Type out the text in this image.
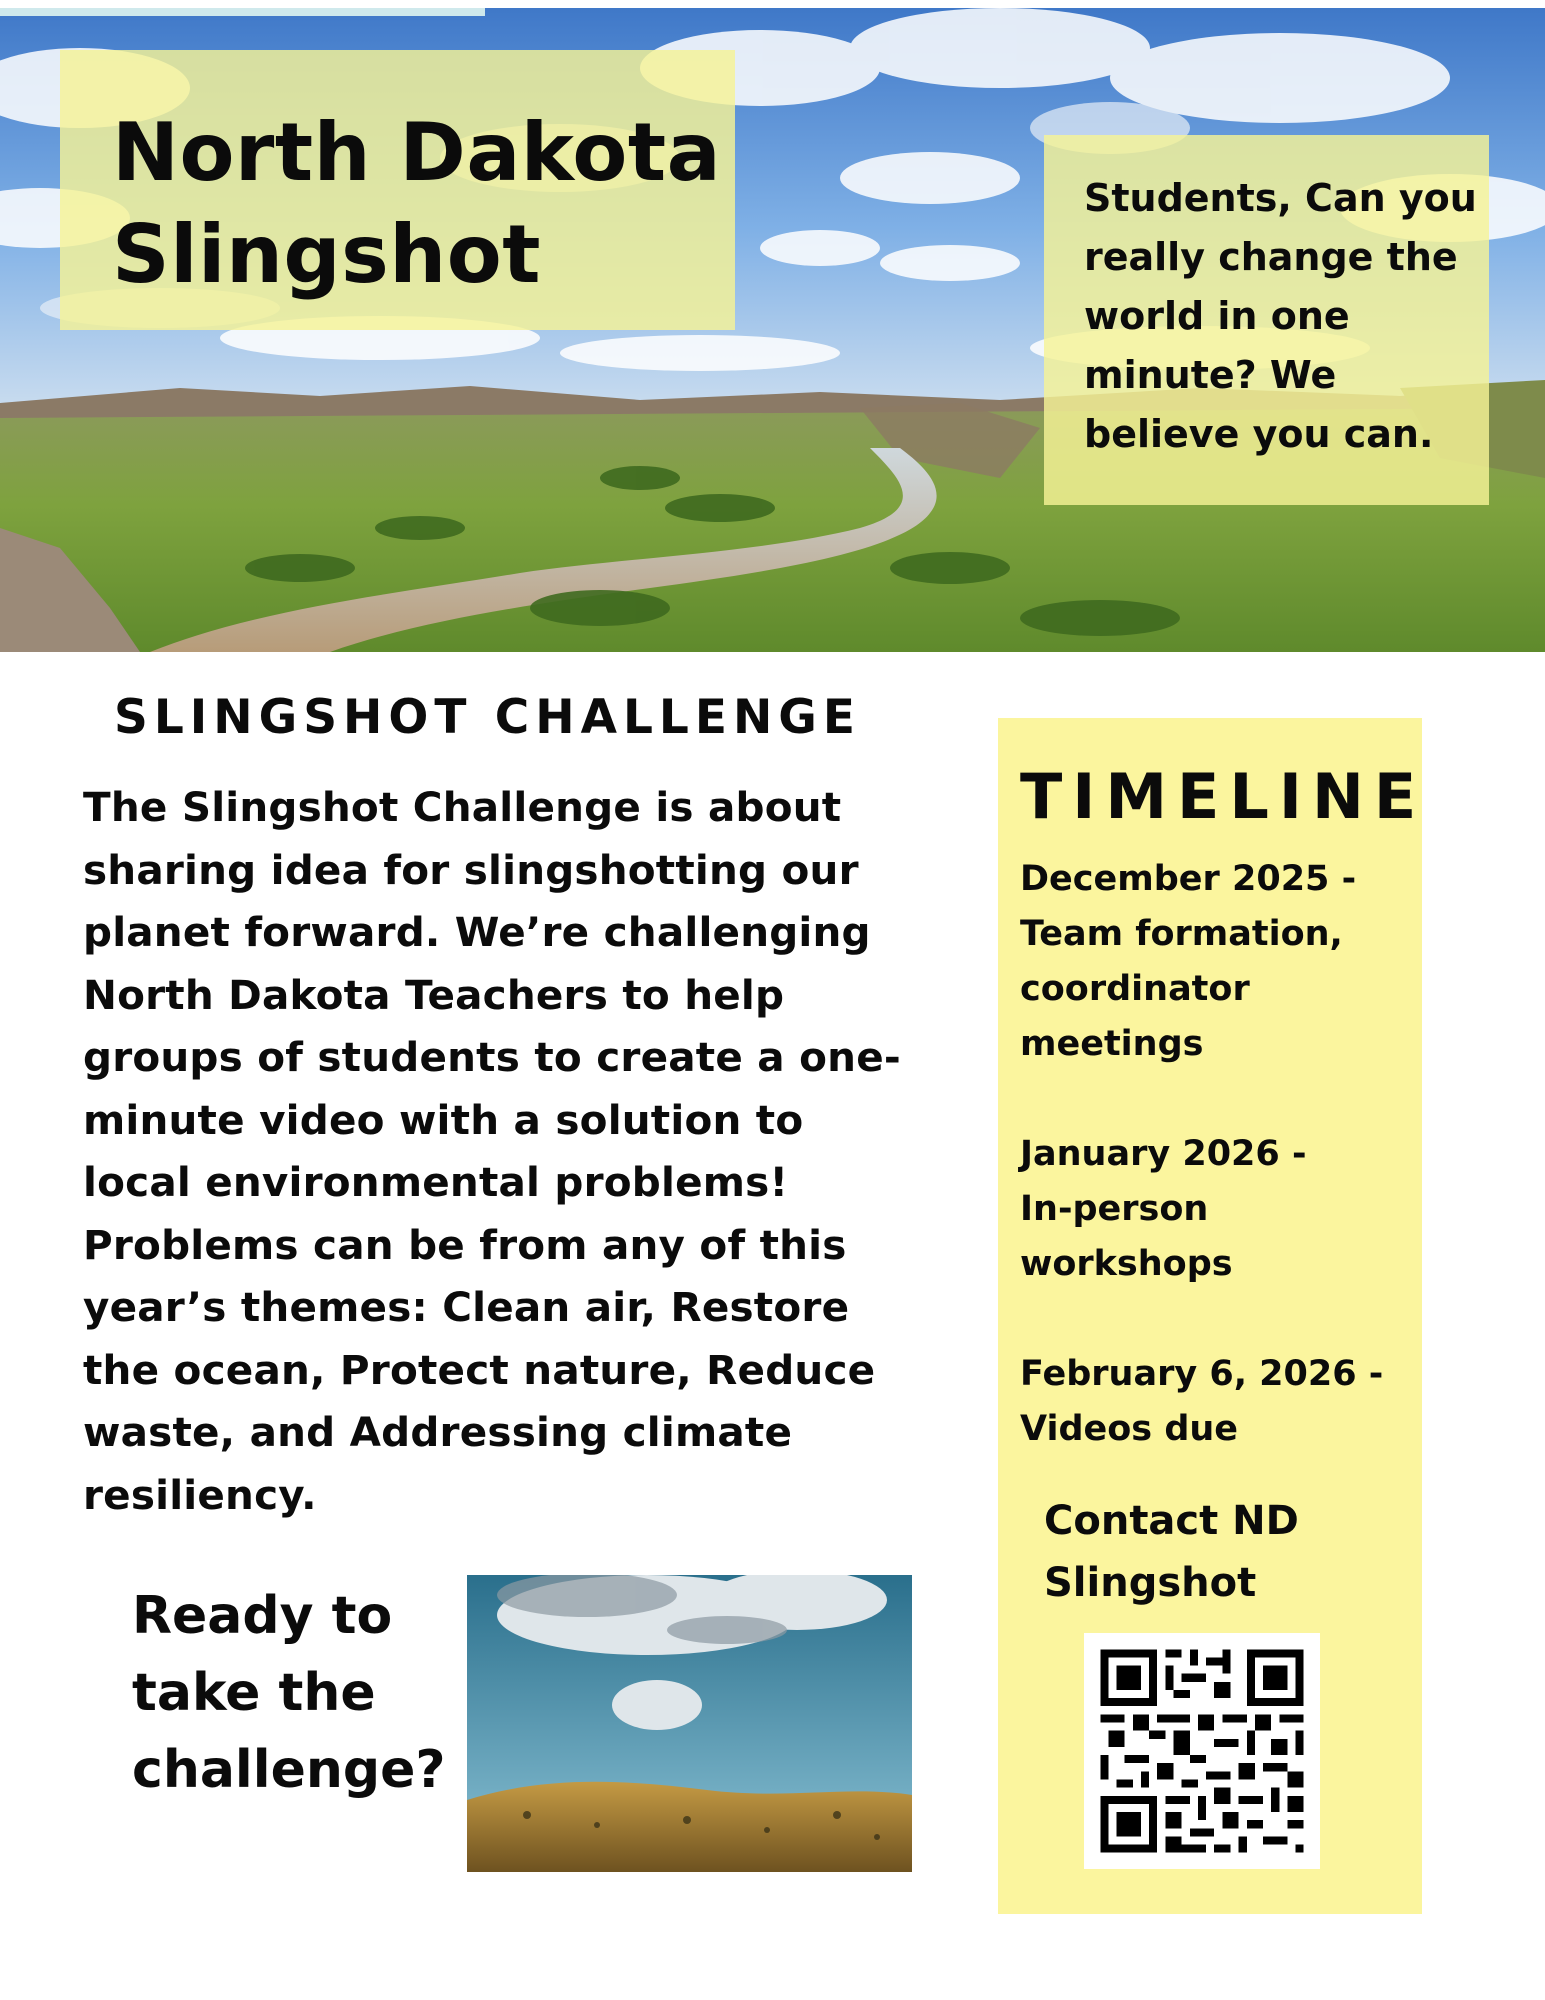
North Dakota
Slingshot

Students, Can you really change the world in one minute? We believe you can.

SLINGSHOT CHALLENGE

The Slingshot Challenge is about sharing idea for slingshotting our planet forward. We’re challenging North Dakota Teachers to help groups of students to create a one-minute video with a solution to local environmental problems! Problems can be from any of this year’s themes: Clean air, Restore the ocean, Protect nature, Reduce waste, and Addressing climate resiliency.

Ready to
take the
challenge?
TIMELINE
December 2025 -
Team formation,
coordinator
meetings
January 2026 -
In-person
workshops
February 6, 2026 -
Videos due
Contact ND
Slingshot
